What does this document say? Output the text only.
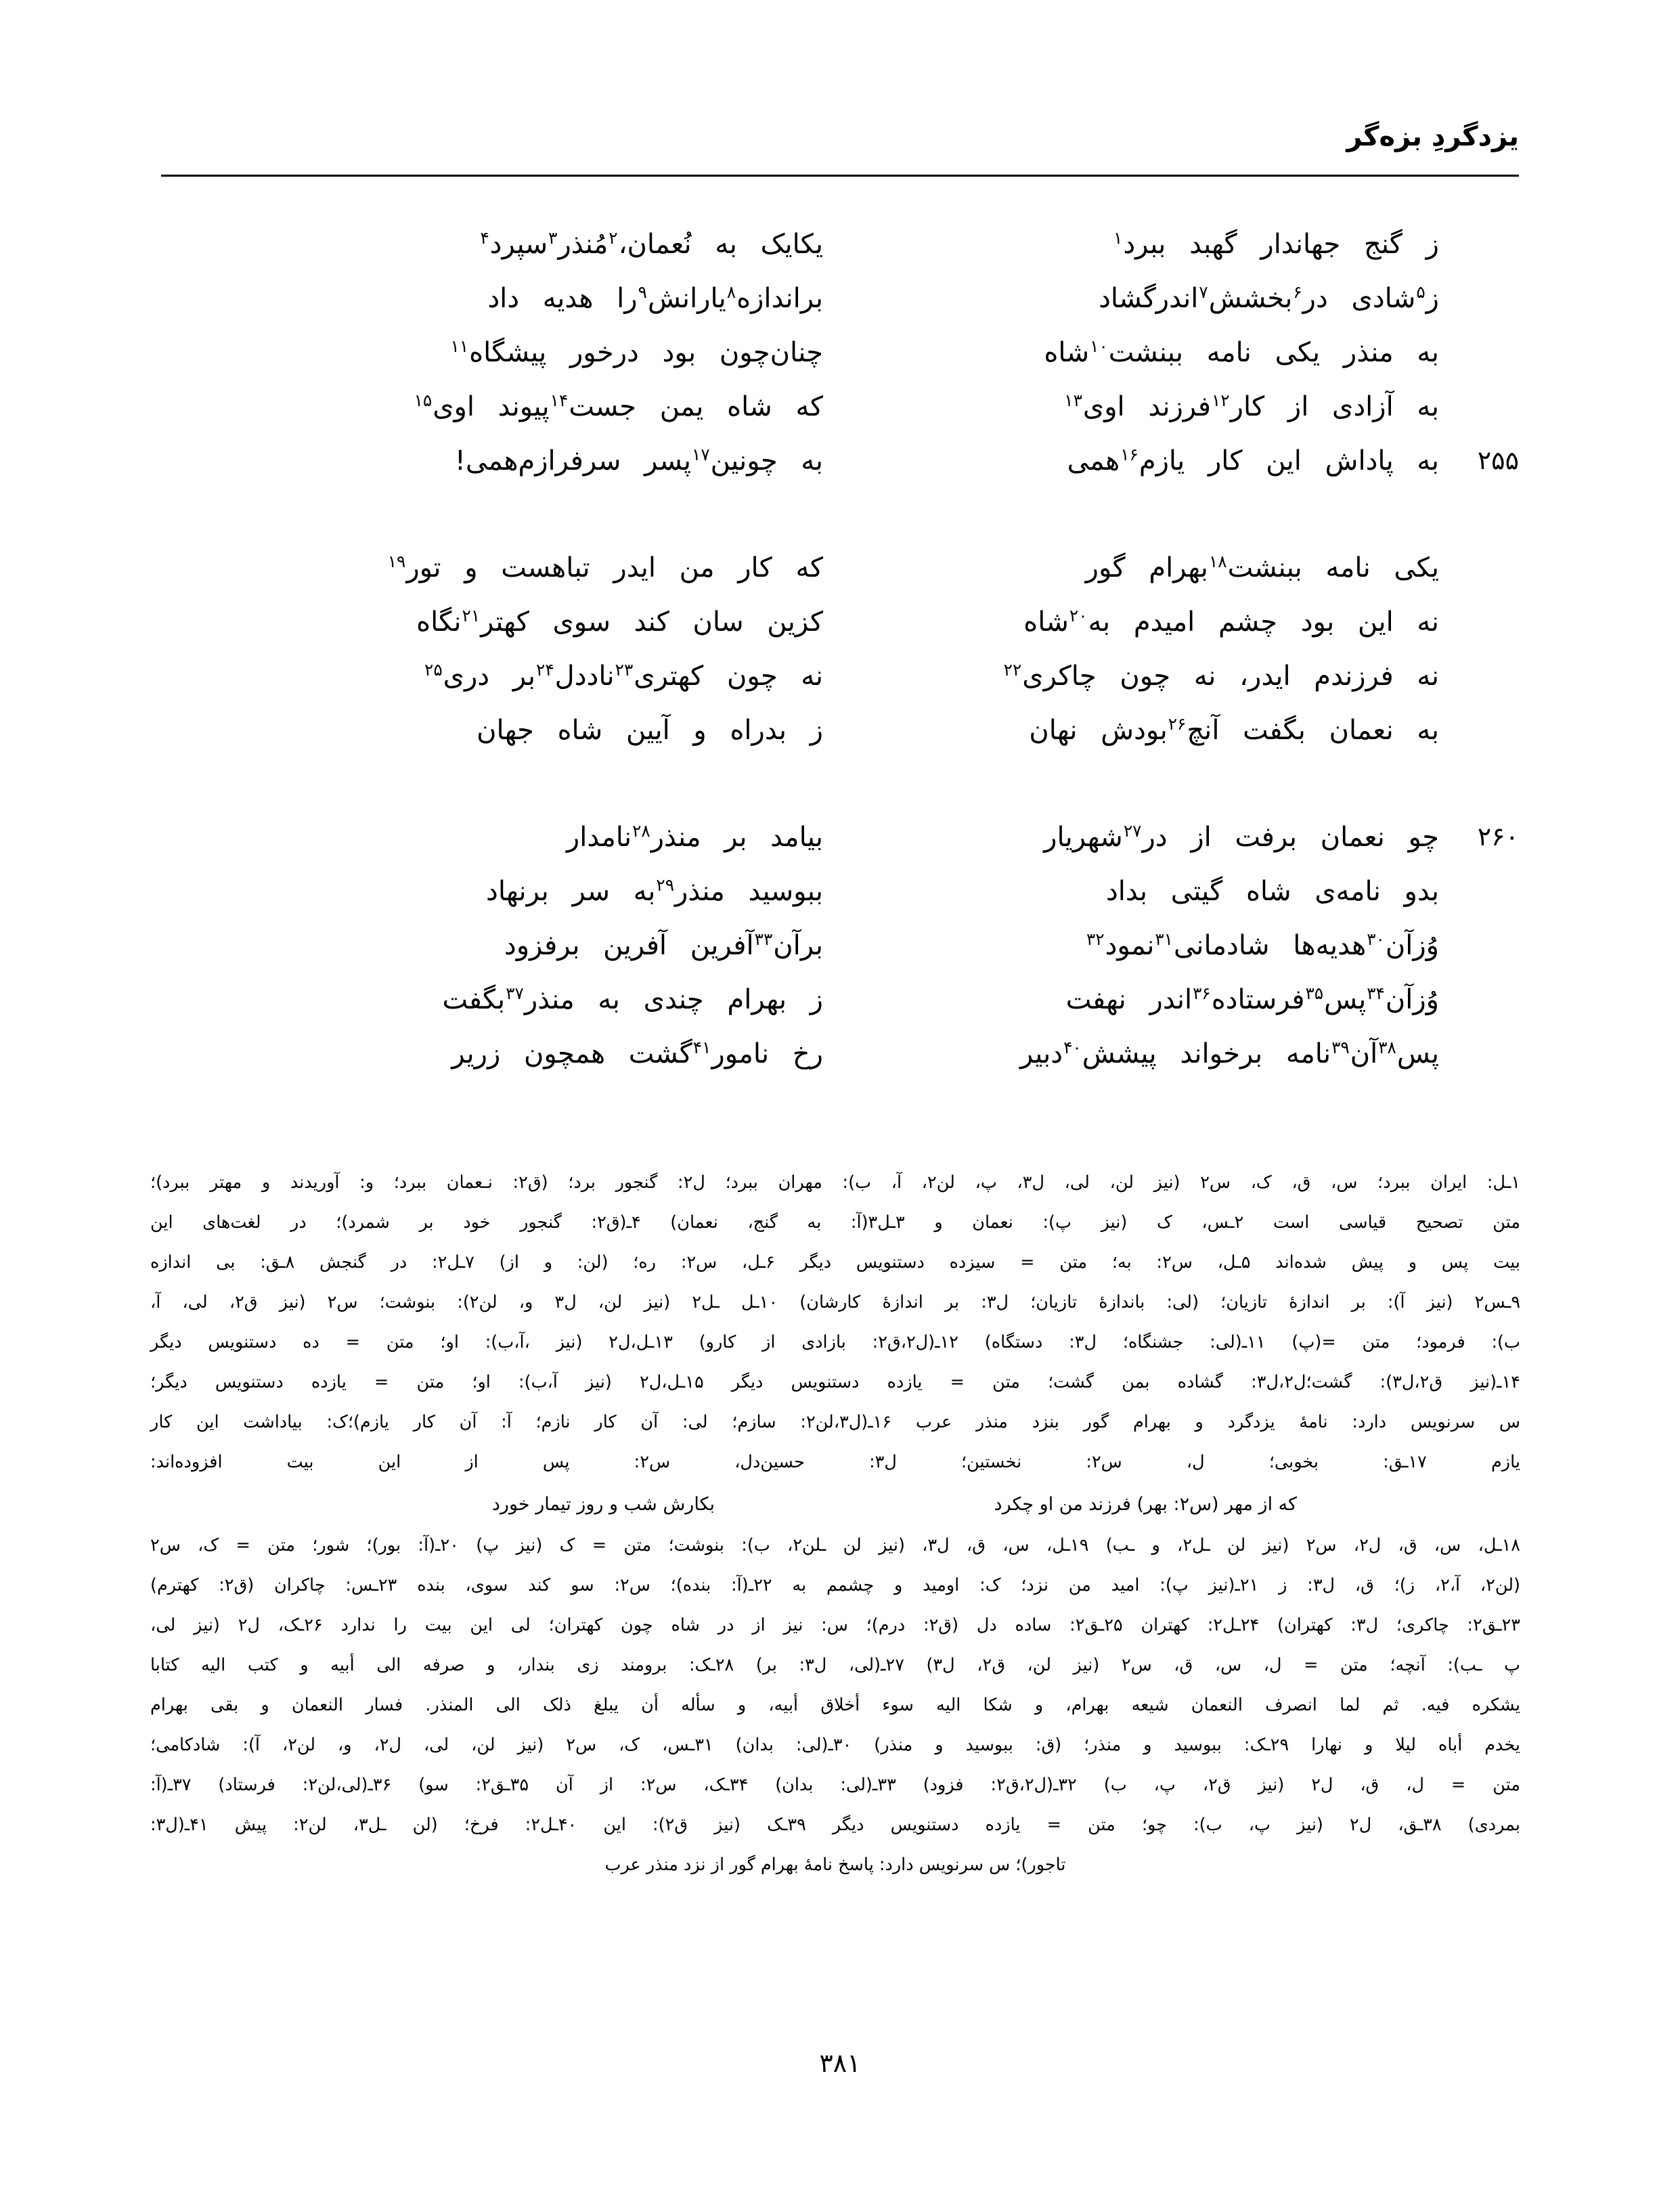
یزدگردِ بزه‌گر
ز گنج جهاندار گهبد ببرد$^۱$
یکایک به نُعمان،$^۲$مُنذر$^۳$سپرد$^۴$
ز$^۵$شادی در$^۶$بخشش$^۷$اندرگشاد
براندازه$^۸$یارانش$^۹$را هدیه داد
به منذر یکی نامه ببنشت$^{۱۰}$شاه
چنان‌چون بود درخور پیشگاه$^{۱۱}$
به آزادی از کار$^{۱۲}$فرزند اوی$^{۱۳}$
که شاه یمن جست$^{۱۴}$پیوند اوی$^{۱۵}$
۲۵۵
به پاداش این کار یازم$^{۱۶}$همی
به چونین$^{۱۷}$پسر سرفرازم‌همی!
یکی نامه ببنشت$^{۱۸}$بهرام گور
که کار من ایدر تباهست و تور$^{۱۹}$
نه این بود چشم امیدم به$^{۲۰}$شاه
کزین سان کند سوی کهتر$^{۲۱}$نگاه
نه فرزندم ایدر، نه چون چاکری$^{۲۲}$
نه چون کهتری$^{۲۳}$ناددل$^{۲۴}$بر دری$^{۲۵}$
به نعمان بگفت آنچ$^{۲۶}$بودش نهان
ز بدراه و آیین شاه جهان
۲۶۰
چو نعمان برفت از در$^{۲۷}$شهریار
بیامد بر منذر$^{۲۸}$نامدار
بدو نامه‌ی شاه گیتی بداد
ببوسید منذر$^{۲۹}$به سر برنهاد
وُزآن$^{۳۰}$هدیه‌ها شادمانی$^{۳۱}$نمود$^{۳۲}$
برآن$^{۳۳}$آفرین آفرین برفزود
وُزآن$^{۳۴}$پس$^{۳۵}$فرستاده$^{۳۶}$اندر نهفت
ز بهرام چندی به منذر$^{۳۷}$بگفت
پس$^{۳۸}$آن$^{۳۹}$نامه برخواند پیشش$^{۴۰}$دبیر
رخ نامور$^{۴۱}$گشت همچون زریر

۱ـل: ایران ببرد؛ س، ق، ک، س۲ (نیز لن، لی، ل۳، پ، لن۲، آ، ب): مهران ببرد؛ ل۲: گنجور برد؛ (ق۲: نـعمان ببرد؛ و: آوریدند و مهتر ببرد)؛

متن تصحیح قیاسی است ۲ـس، ک (نیز پ): نعمان و ۳ـل۳(آ: به گنج، نعمان) ۴ـ(ق۲: گنجور خود بر شمرد)؛ در لغت‌های این

بیت پس و پیش شده‌اند ۵ـل، س۲: به؛ متن = سیزده دستنویس دیگر ۶ـل، س۲: ره؛ (لن: و از) ۷ـل۲: در گنجش ۸ـق: بی اندازه

۹ـس۲ (نیز آ): بر اندازهٔ تازیان؛ (لی: باندازهٔ تازیان؛ ل۳: بر اندازهٔ کارشان) ۱۰ـل ـل۲ (نیز لن، ل۳ و، لن۲): بنوشت؛ س۲ (نیز ق۲، لی، آ،

ب): فرمود؛ متن =(پ) ۱۱ـ(لی: جشنگاه؛ ل۳: دستگاه) ۱۲ـ(ل۲،ق۲: بازادی از کارو) ۱۳ـل،ل۲ (نیز ،آ،ب): او؛ متن = ده دستنویس دیگر

۱۴ـ(نیز ق۲،ل۳): گشت؛ل۲،ل۳: گشاده بمن گشت؛ متن = یازده دستنویس دیگر ۱۵ـل،ل۲ (نیز آ،ب): او؛ متن = یازده دستنویس دیگر؛

س سرنویس دارد: نامهٔ یزدگرد و بهرام گور بنزد منذر عرب ۱۶ـ(ل۳،لن۲: سازم؛ لی: آن کار نازم؛ آ: آن کار یازم)؛ک: بیاداشت این کار

یازم ۱۷ـق: بخوبی؛ ل، س۲: نخستین؛ ل۳: حسین‌دل، س۲: پس از این بیت افزوده‌اند:

که از مهر (س۲: بهر) فرزند من او چکرد
بکارش شب و روز تیمار خورد

۱۸ـل، س، ق، ل۲، س۲ (نیز لن ـل۲، و ـب) ۱۹ـل، س، ق، ل۳، (نیز لن ـلن۲، ب): بنوشت؛ متن = ک (نیز پ) ۲۰ـ(آ: بور)؛ شور؛ متن = ک، س۲

(لن۲، آ،۲، ز)؛ ق، ل۳: ز ۲۱ـ(نیز پ): امید من نزد؛ ک: اومید و چشمم به ۲۲ـ(آ: بنده)؛ س۲: سو کند سوی، بنده ۲۳ـس: چاکران (ق۲: کهترم)

۲۳ـق۲: چاکری؛ ل۳: کهتران) ۲۴ـل۲: کهتران ۲۵ـق۲: ساده دل (ق۲: درم)؛ س: نیز از در شاه چون کهتران؛ لی این بیت را ندارد ۲۶ـک، ل۲ (نیز لی،

پ ـب): آنچه؛ متن = ل، س، ق، س۲ (نیز لن، ق۲، ل۳) ۲۷ـ(لی، ل۳: بر) ۲۸ـک: برومند زی بندار، و صرفه الی أبیه و کتب الیه کتابا

یشکره فیه. ثم لما انصرف النعمان شیعه بهرام، و شکا الیه سوء أخلاق أبیه، و سأله أن یبلغ ذلک الی المنذر. فسار النعمان و بقی بهرام

یخدم أباه لیلا و نهارا ۲۹ـک: ببوسید و منذر؛ (ق: ببوسید و منذر) ۳۰ـ(لی: بدان) ۳۱ـس، ک، س۲ (نیز لن، لی، ل۲، و، لن۲، آ): شادکامی؛

متن = ل، ق، ل۲ (نیز ق۲، پ، ب) ۳۲ـ(ل۲،ق۲: فزود) ۳۳ـ(لی: بدان) ۳۴ـک، س۲: از آن ۳۵ـق۲: سو) ۳۶ـ(لی،لن۲: فرستاد) ۳۷ـ(آ:

بمردی) ۳۸ـق، ل۲ (نیز پ، ب): چو؛ متن = یازده دستنویس دیگر ۳۹ـک (نیز ق۲): این ۴۰ـل۲: فرخ؛ (لن ـل۳، لن۲: پیش ۴۱ـ(ل۳:

تاجور)؛ س سرنویس دارد: پاسخ نامهٔ بهرام گور از نزد منذر عرب

۳۸۱
